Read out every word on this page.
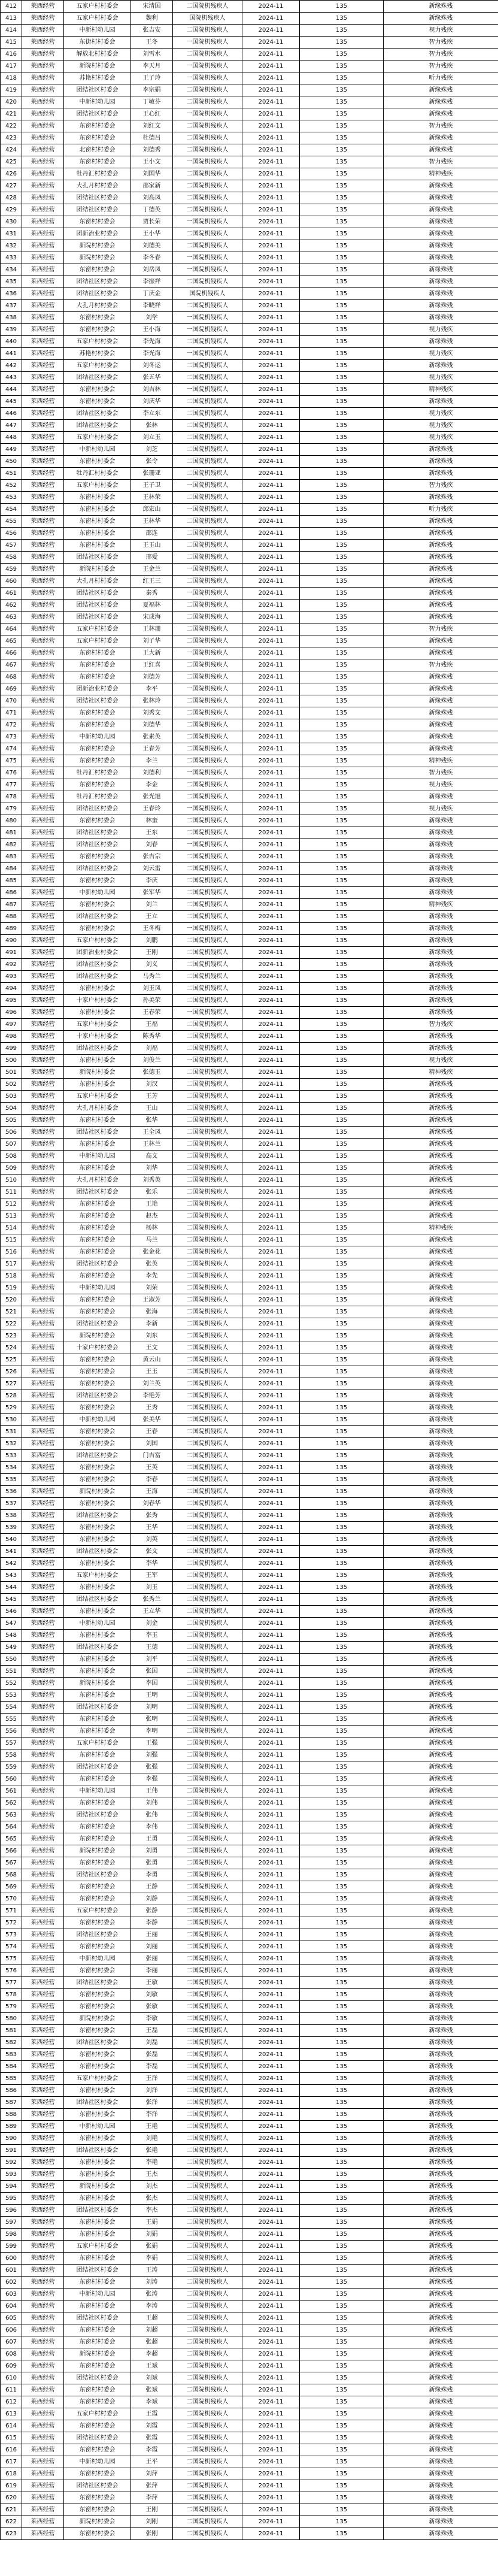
412	莱西经营	五家户村村委会	宋清国	二国院机残疾人	2024-11	135	新缘殊残
413	莱西经营	五家户村村委会	魏利	国院机残疾人	2024-11	135	新缘殊残
414	莱西经营	中新村幼儿园	张吉安	二国院机残疾人	2024-11	135	视力残疾
415	莱西经营	东街村村委会	王冬	一国院机残疾人	2024-11	135	智力残疾
416	莱西经营	解放北村村委会	刘雪水	二国院机残疾人	2024-11	135	智力残疾
417	莱西经营	新院村村委会	李天月	一国院机残疾人	2024-11	135	智力残疾
418	莱西经营	苏艳村村委会	王子玲	一国院机残疾人	2024-11	135	听力残疾
419	莱西经营	团结社区村委会	李宗娟	二国院机残疾人	2024-11	135	新缘殊残
420	莱西经营	中新村幼儿园	丁敏芬	二国院机残疾人	2024-11	135	新缘殊残
421	莱西经营	团结社区村委会	王心红	一国院机残疾人	2024-11	135	新缘殊残
422	莱西经营	东窗村村委会	刘红文	二国院机残疾人	2024-11	135	智力残疾
423	莱西经营	东窗村村委会	杜德吕	二国院机残疾人	2024-11	135	新缘殊残
424	莱西经营	北窗村村委会	刘德秀	二国院机残疾人	2024-11	135	新缘殊残
425	莱西经营	东窗村村委会	王小文	一国院机残疾人	2024-11	135	智力残疾
426	莱西经营	牡丹汇村村委会	刘国华	二国院机残疾人	2024-11	135	精神残疾
427	莱西经营	大孔月村村委会	邵家新	二国院机残疾人	2024-11	135	新缘殊残
428	莱西经营	团结社区村委会	刘高凤	二国院机残疾人	2024-11	135	新缘殊残
429	莱西经营	团结社区村委会	丁德英	二国院机残疾人	2024-11	135	新缘殊残
430	莱西经营	东窗村村委会	贾长荣	一国院机残疾人	2024-11	135	新缘殊残
431	莱西经营	团新治业村委会	王小华	二国院机残疾人	2024-11	135	新缘殊残
432	莱西经营	新院村村委会	刘德美	二国院机残疾人	2024-11	135	新缘殊残
433	莱西经营	新院村村委会	李冬春	一国院机残疾人	2024-11	135	新缘殊残
434	莱西经营	东窗村村委会	刘岳凤	一国院机残疾人	2024-11	135	新缘殊残
435	莱西经营	团结社区村委会	李振祥	二国院机残疾人	2024-11	135	新缘殊残
436	莱西经营	团结社区村委会	丁庆金	国院机残疾人	2024-11	135	新缘殊残
437	莱西经营	大孔月村村委会	李晓祥	二国院机残疾人	2024-11	135	新缘殊残
438	莱西经营	东窗村村委会	刘学	一国院机残疾人	2024-11	135	新缘殊残
439	莱西经营	东窗村村委会	王小海	一国院机残疾人	2024-11	135	视力残疾
440	莱西经营	五家户村村委会	李先海	二国院机残疾人	2024-11	135	新缘殊残
441	莱西经营	苏艳村村委会	李光海	一国院机残疾人	2024-11	135	视力残疾
442	莱西经营	五家户村村委会	刘冬运	二国院机残疾人	2024-11	135	新缘殊残
443	莱西经营	团结社区村委会	张五华	二国院机残疾人	2024-11	135	视力残疾
444	莱西经营	东窗村村委会	刘吉林	一国院机残疾人	2024-11	135	精神残疾
445	莱西经营	东窗村村委会	刘庆华	二国院机残疾人	2024-11	135	新缘殊残
446	莱西经营	团结社区村委会	李立东	二国院机残疾人	2024-11	135	视力残疾
447	莱西经营	团结社区村委会	张林	二国院机残疾人	2024-11	135	视力残疾
448	莱西经营	五家户村村委会	刘立玉	二国院机残疾人	2024-11	135	视力残疾
449	莱西经营	中新村幼儿园	刘芝	二国院机残疾人	2024-11	135	新缘殊残
450	莱西经营	东窗村村委会	张令	二国院机残疾人	2024-11	135	新缘殊残
451	莱西经营	牡丹汇村村委会	张珊亚	二国院机残疾人	2024-11	135	新缘殊残
452	莱西经营	五家户村村委会	王子卫	一国院机残疾人	2024-11	135	智力残疾
453	莱西经营	东窗村村委会	王林荣	二国院机残疾人	2024-11	135	新缘殊残
454	莱西经营	东窗村村委会	邱宏山	一国院机残疾人	2024-11	135	听力残疾
455	莱西经营	东窗村村委会	王林华	二国院机残疾人	2024-11	135	新缘殊残
456	莱西经营	东窗村村委会	邵连	二国院机残疾人	2024-11	135	新缘殊残
457	莱西经营	东窗村村委会	王玉山	二国院机残疾人	2024-11	135	新缘殊残
458	莱西经营	团结社区村委会	邢爱	二国院机残疾人	2024-11	135	新缘殊残
459	莱西经营	新院村村委会	王金兰	一国院机残疾人	2024-11	135	新缘殊残
460	莱西经营	大孔月村村委会	红王三	二国院机残疾人	2024-11	135	新缘殊残
461	莱西经营	团结社区村委会	秦秀	一国院机残疾人	2024-11	135	新缘殊残
462	莱西经营	团结社区村委会	夏福林	二国院机残疾人	2024-11	135	新缘殊残
463	莱西经营	团结社区村委会	宋成海	二国院机残疾人	2024-11	135	新缘殊残
464	莱西经营	五家户村村委会	王林珊	二国院机残疾人	2024-11	135	智力残疾
465	莱西经营	五家户村村委会	刘子华	二国院机残疾人	2024-11	135	新缘殊残
466	莱西经营	东窗村村委会	王大新	一国院机残疾人	2024-11	135	新缘殊残
467	莱西经营	东窗村村委会	王红喜	二国院机残疾人	2024-11	135	智力残疾
468	莱西经营	东窗村村委会	刘德芳	二国院机残疾人	2024-11	135	新缘殊残
469	莱西经营	团新治业村委会	李平	一国院机残疾人	2024-11	135	新缘殊残
470	莱西经营	团结社区村委会	张林玲	二国院机残疾人	2024-11	135	新缘殊残
471	莱西经营	东窗村村委会	刘秀文	二国院机残疾人	2024-11	135	新缘殊残
472	莱西经营	东窗村村委会	刘德华	二国院机残疾人	2024-11	135	新缘殊残
473	莱西经营	中新村幼儿园	张素英	二国院机残疾人	2024-11	135	新缘殊残
474	莱西经营	东窗村村委会	王春芳	二国院机残疾人	2024-11	135	新缘殊残
475	莱西经营	东窗村村委会	李兰	二国院机残疾人	2024-11	135	精神残疾
476	莱西经营	牡丹汇村村委会	刘德利	一国院机残疾人	2024-11	135	智力残疾
477	莱西经营	东窗村村委会	李金	二国院机残疾人	2024-11	135	视力残疾
478	莱西经营	牡丹汇村村委会	张光旭	二国院机残疾人	2024-11	135	新缘殊残
479	莱西经营	团结社区村委会	王春玲	一国院机残疾人	2024-11	135	视力残疾
480	莱西经营	东窗村村委会	林奎	二国院机残疾人	2024-11	135	新缘殊残
481	莱西经营	团结社区村委会	王东	二国院机残疾人	2024-11	135	新缘殊残
482	莱西经营	团结社区村委会	刘春	一国院机残疾人	2024-11	135	新缘殊残
483	莱西经营	东窗村村委会	张吉宗	二国院机残疾人	2024-11	135	新缘殊残
484	莱西经营	团结社区村委会	刘云雷	二国院机残疾人	2024-11	135	新缘殊残
485	莱西经营	东窗村村委会	李庆	二国院机残疾人	2024-11	135	新缘殊残
486	莱西经营	中新村幼儿园	张军华	二国院机残疾人	2024-11	135	新缘殊残
487	莱西经营	东窗村村委会	刘兰	二国院机残疾人	2024-11	135	精神残疾
488	莱西经营	团结社区村委会	王立	二国院机残疾人	2024-11	135	新缘殊残
489	莱西经营	东窗村村委会	王冬梅	一国院机残疾人	2024-11	135	新缘殊残
490	莱西经营	五家户村村委会	刘鹏	二国院机残疾人	2024-11	135	新缘殊残
491	莱西经营	团新治业村委会	王刚	二国院机残疾人	2024-11	135	新缘殊残
492	莱西经营	团结社区村委会	刘义	二国院机残疾人	2024-11	135	新缘殊残
493	莱西经营	团结社区村委会	马秀兰	二国院机残疾人	2024-11	135	新缘殊残
494	莱西经营	东窗村村委会	刘玉凤	二国院机残疾人	2024-11	135	新缘殊残
495	莱西经营	十家户村村委会	孙美荣	二国院机残疾人	2024-11	135	新缘殊残
496	莱西经营	东窗村村委会	王春荣	一国院机残疾人	2024-11	135	新缘殊残
497	莱西经营	五家户村村委会	王福	二国院机残疾人	2024-11	135	智力残疾
498	莱西经营	十家户村村委会	陈秀华	二国院机残疾人	2024-11	135	新缘殊残
499	莱西经营	团结社区村委会	刘福	二国院机残疾人	2024-11	135	新缘殊残
500	莱西经营	东窗村村委会	刘俊兰	一国院机残疾人	2024-11	135	视力残疾
501	莱西经营	新院村村委会	张德玉	二国院机残疾人	2024-11	135	精神残疾
502	莱西经营	东窗村村委会	刘汉	二国院机残疾人	2024-11	135	新缘殊残
503	莱西经营	五家户村村委会	王芳	二国院机残疾人	2024-11	135	新缘殊残
504	莱西经营	大孔月村村委会	王山	二国院机残疾人	2024-11	135	新缘殊残
505	莱西经营	东窗村村委会	张华	二国院机残疾人	2024-11	135	新缘殊残
506	莱西经营	团结社区村委会	王全凤	二国院机残疾人	2024-11	135	新缘殊残
507	莱西经营	东窗村村委会	王林兰	二国院机残疾人	2024-11	135	新缘殊残
508	莱西经营	中新村幼儿园	高文	二国院机残疾人	2024-11	135	新缘殊残
509	莱西经营	东窗村村委会	刘华	二国院机残疾人	2024-11	135	新缘殊残
510	莱西经营	大孔月村村委会	刘秀英	二国院机残疾人	2024-11	135	新缘殊残
511	莱西经营	团结社区村委会	张乐	二国院机残疾人	2024-11	135	新缘殊残
512	莱西经营	东窗村村委会	王艳	二国院机残疾人	2024-11	135	新缘殊残
513	莱西经营	东窗村村委会	赵杰	二国院机残疾人	2024-11	135	新缘殊残
514	莱西经营	东窗村村委会	杨林	二国院机残疾人	2024-11	135	精神残疾
515	莱西经营	东窗村村委会	马兰	二国院机残疾人	2024-11	135	新缘殊残
516	莱西经营	东窗村村委会	张金花	二国院机残疾人	2024-11	135	新缘殊残
517	莱西经营	团结社区村委会	张英	二国院机残疾人	2024-11	135	新缘殊残
518	莱西经营	东窗村村委会	李先	二国院机残疾人	2024-11	135	新缘殊残
519	莱西经营	中新村幼儿园	刘荣	二国院机残疾人	2024-11	135	新缘殊残
520	莱西经营	东窗村村委会	王淑芳	二国院机残疾人	2024-11	135	新缘殊残
521	莱西经营	东窗村村委会	张海	二国院机残疾人	2024-11	135	新缘殊残
522	莱西经营	团结社区村委会	李新	二国院机残疾人	2024-11	135	新缘殊残
523	莱西经营	新院村村委会	刘东	二国院机残疾人	2024-11	135	新缘殊残
524	莱西经营	十家户村村委会	王文	二国院机残疾人	2024-11	135	新缘殊残
525	莱西经营	东窗村村委会	黄云山	二国院机残疾人	2024-11	135	新缘殊残
526	莱西经营	东窗村村委会	王玉	二国院机残疾人	2024-11	135	新缘殊残
527	莱西经营	东窗村村委会	刘兰英	二国院机残疾人	2024-11	135	新缘殊残
528	莱西经营	团结社区村委会	李艳芳	二国院机残疾人	2024-11	135	新缘殊残
529	莱西经营	东窗村村委会	王秀	二国院机残疾人	2024-11	135	新缘殊残
530	莱西经营	中新村幼儿园	张美华	二国院机残疾人	2024-11	135	新缘殊残
531	莱西经营	东窗村村委会	王春	二国院机残疾人	2024-11	135	新缘殊残
532	莱西经营	东窗村村委会	刘国	二国院机残疾人	2024-11	135	新缘殊残
533	莱西经营	团结社区村委会	门吉富	二国院机残疾人	2024-11	135	新缘殊残
534	莱西经营	东窗村村委会	王英	二国院机残疾人	2024-11	135	新缘殊残
535	莱西经营	东窗村村委会	李春	二国院机残疾人	2024-11	135	新缘殊残
536	莱西经营	新院村村委会	王海	二国院机残疾人	2024-11	135	新缘殊残
537	莱西经营	东窗村村委会	刘春华	二国院机残疾人	2024-11	135	新缘殊残
538	莱西经营	团结社区村委会	张秀	二国院机残疾人	2024-11	135	新缘殊残
539	莱西经营	东窗村村委会	王华	二国院机残疾人	2024-11	135	新缘殊残
540	莱西经营	东窗村村委会	刘英	二国院机残疾人	2024-11	135	新缘殊残
541	莱西经营	团结社区村委会	张文	二国院机残疾人	2024-11	135	新缘殊残
542	莱西经营	东窗村村委会	李华	二国院机残疾人	2024-11	135	新缘殊残
543	莱西经营	五家户村村委会	王军	二国院机残疾人	2024-11	135	新缘殊残
544	莱西经营	东窗村村委会	刘玉	二国院机残疾人	2024-11	135	新缘殊残
545	莱西经营	团结社区村委会	张秀兰	二国院机残疾人	2024-11	135	新缘殊残
546	莱西经营	东窗村村委会	王立华	二国院机残疾人	2024-11	135	新缘殊残
547	莱西经营	中新村幼儿园	刘金	二国院机残疾人	2024-11	135	新缘殊残
548	莱西经营	东窗村村委会	李玉	二国院机残疾人	2024-11	135	新缘殊残
549	莱西经营	团结社区村委会	王德	二国院机残疾人	2024-11	135	新缘殊残
550	莱西经营	东窗村村委会	刘平	二国院机残疾人	2024-11	135	新缘殊残
551	莱西经营	东窗村村委会	张国	二国院机残疾人	2024-11	135	新缘殊残
552	莱西经营	新院村村委会	李国	二国院机残疾人	2024-11	135	新缘殊残
553	莱西经营	东窗村村委会	王明	二国院机残疾人	2024-11	135	新缘殊残
554	莱西经营	团结社区村委会	刘明	二国院机残疾人	2024-11	135	新缘殊残
555	莱西经营	东窗村村委会	张明	二国院机残疾人	2024-11	135	新缘殊残
556	莱西经营	东窗村村委会	李明	二国院机残疾人	2024-11	135	新缘殊残
557	莱西经营	五家户村村委会	王强	二国院机残疾人	2024-11	135	新缘殊残
558	莱西经营	东窗村村委会	刘强	二国院机残疾人	2024-11	135	新缘殊残
559	莱西经营	团结社区村委会	张强	二国院机残疾人	2024-11	135	新缘殊残
560	莱西经营	东窗村村委会	李强	二国院机残疾人	2024-11	135	新缘殊残
561	莱西经营	中新村幼儿园	王伟	二国院机残疾人	2024-11	135	新缘殊残
562	莱西经营	东窗村村委会	刘伟	二国院机残疾人	2024-11	135	新缘殊残
563	莱西经营	团结社区村委会	张伟	二国院机残疾人	2024-11	135	新缘殊残
564	莱西经营	东窗村村委会	李伟	二国院机残疾人	2024-11	135	新缘殊残
565	莱西经营	东窗村村委会	王勇	二国院机残疾人	2024-11	135	新缘殊残
566	莱西经营	新院村村委会	刘勇	二国院机残疾人	2024-11	135	新缘殊残
567	莱西经营	东窗村村委会	张勇	二国院机残疾人	2024-11	135	新缘殊残
568	莱西经营	团结社区村委会	李勇	二国院机残疾人	2024-11	135	新缘殊残
569	莱西经营	东窗村村委会	王静	二国院机残疾人	2024-11	135	新缘殊残
570	莱西经营	东窗村村委会	刘静	二国院机残疾人	2024-11	135	新缘殊残
571	莱西经营	五家户村村委会	张静	二国院机残疾人	2024-11	135	新缘殊残
572	莱西经营	东窗村村委会	李静	二国院机残疾人	2024-11	135	新缘殊残
573	莱西经营	团结社区村委会	王丽	二国院机残疾人	2024-11	135	新缘殊残
574	莱西经营	东窗村村委会	刘丽	二国院机残疾人	2024-11	135	新缘殊残
575	莱西经营	中新村幼儿园	张丽	二国院机残疾人	2024-11	135	新缘殊残
576	莱西经营	东窗村村委会	李丽	二国院机残疾人	2024-11	135	新缘殊残
577	莱西经营	团结社区村委会	王敏	二国院机残疾人	2024-11	135	新缘殊残
578	莱西经营	东窗村村委会	刘敏	二国院机残疾人	2024-11	135	新缘殊残
579	莱西经营	东窗村村委会	张敏	二国院机残疾人	2024-11	135	新缘殊残
580	莱西经营	新院村村委会	李敏	二国院机残疾人	2024-11	135	新缘殊残
581	莱西经营	东窗村村委会	王磊	二国院机残疾人	2024-11	135	新缘殊残
582	莱西经营	团结社区村委会	刘磊	二国院机残疾人	2024-11	135	新缘殊残
583	莱西经营	东窗村村委会	张磊	二国院机残疾人	2024-11	135	新缘殊残
584	莱西经营	东窗村村委会	李磊	二国院机残疾人	2024-11	135	新缘殊残
585	莱西经营	五家户村村委会	王洋	二国院机残疾人	2024-11	135	新缘殊残
586	莱西经营	东窗村村委会	刘洋	二国院机残疾人	2024-11	135	新缘殊残
587	莱西经营	团结社区村委会	张洋	二国院机残疾人	2024-11	135	新缘殊残
588	莱西经营	东窗村村委会	李洋	二国院机残疾人	2024-11	135	新缘殊残
589	莱西经营	中新村幼儿园	王艳	二国院机残疾人	2024-11	135	新缘殊残
590	莱西经营	东窗村村委会	刘艳	二国院机残疾人	2024-11	135	新缘殊残
591	莱西经营	团结社区村委会	张艳	二国院机残疾人	2024-11	135	新缘殊残
592	莱西经营	东窗村村委会	李艳	二国院机残疾人	2024-11	135	新缘殊残
593	莱西经营	东窗村村委会	王杰	二国院机残疾人	2024-11	135	新缘殊残
594	莱西经营	新院村村委会	刘杰	二国院机残疾人	2024-11	135	新缘殊残
595	莱西经营	东窗村村委会	张杰	二国院机残疾人	2024-11	135	新缘殊残
596	莱西经营	团结社区村委会	李杰	二国院机残疾人	2024-11	135	新缘殊残
597	莱西经营	东窗村村委会	王娟	二国院机残疾人	2024-11	135	新缘殊残
598	莱西经营	东窗村村委会	刘娟	二国院机残疾人	2024-11	135	新缘殊残
599	莱西经营	五家户村村委会	张娟	二国院机残疾人	2024-11	135	新缘殊残
600	莱西经营	东窗村村委会	李娟	二国院机残疾人	2024-11	135	新缘殊残
601	莱西经营	团结社区村委会	王涛	二国院机残疾人	2024-11	135	新缘殊残
602	莱西经营	东窗村村委会	刘涛	二国院机残疾人	2024-11	135	新缘殊残
603	莱西经营	中新村幼儿园	张涛	二国院机残疾人	2024-11	135	新缘殊残
604	莱西经营	东窗村村委会	李涛	二国院机残疾人	2024-11	135	新缘殊残
605	莱西经营	团结社区村委会	王超	二国院机残疾人	2024-11	135	新缘殊残
606	莱西经营	东窗村村委会	刘超	二国院机残疾人	2024-11	135	新缘殊残
607	莱西经营	东窗村村委会	张超	二国院机残疾人	2024-11	135	新缘殊残
608	莱西经营	新院村村委会	李超	二国院机残疾人	2024-11	135	新缘殊残
609	莱西经营	东窗村村委会	王斌	二国院机残疾人	2024-11	135	新缘殊残
610	莱西经营	团结社区村委会	刘斌	二国院机残疾人	2024-11	135	新缘殊残
611	莱西经营	东窗村村委会	张斌	二国院机残疾人	2024-11	135	新缘殊残
612	莱西经营	东窗村村委会	李斌	二国院机残疾人	2024-11	135	新缘殊残
613	莱西经营	五家户村村委会	王霞	二国院机残疾人	2024-11	135	新缘殊残
614	莱西经营	东窗村村委会	刘霞	二国院机残疾人	2024-11	135	新缘殊残
615	莱西经营	团结社区村委会	张霞	二国院机残疾人	2024-11	135	新缘殊残
616	莱西经营	东窗村村委会	李霞	二国院机残疾人	2024-11	135	新缘殊残
617	莱西经营	中新村幼儿园	王平	二国院机残疾人	2024-11	135	新缘殊残
618	莱西经营	东窗村村委会	刘萍	二国院机残疾人	2024-11	135	新缘殊残
619	莱西经营	团结社区村委会	张萍	二国院机残疾人	2024-11	135	新缘殊残
620	莱西经营	东窗村村委会	李萍	二国院机残疾人	2024-11	135	新缘殊残
621	莱西经营	东窗村村委会	王刚	二国院机残疾人	2024-11	135	新缘殊残
622	莱西经营	新院村村委会	刘刚	二国院机残疾人	2024-11	135	新缘殊残
623	莱西经营	东窗村村委会	张刚	二国院机残疾人	2024-11	135	新缘殊残
